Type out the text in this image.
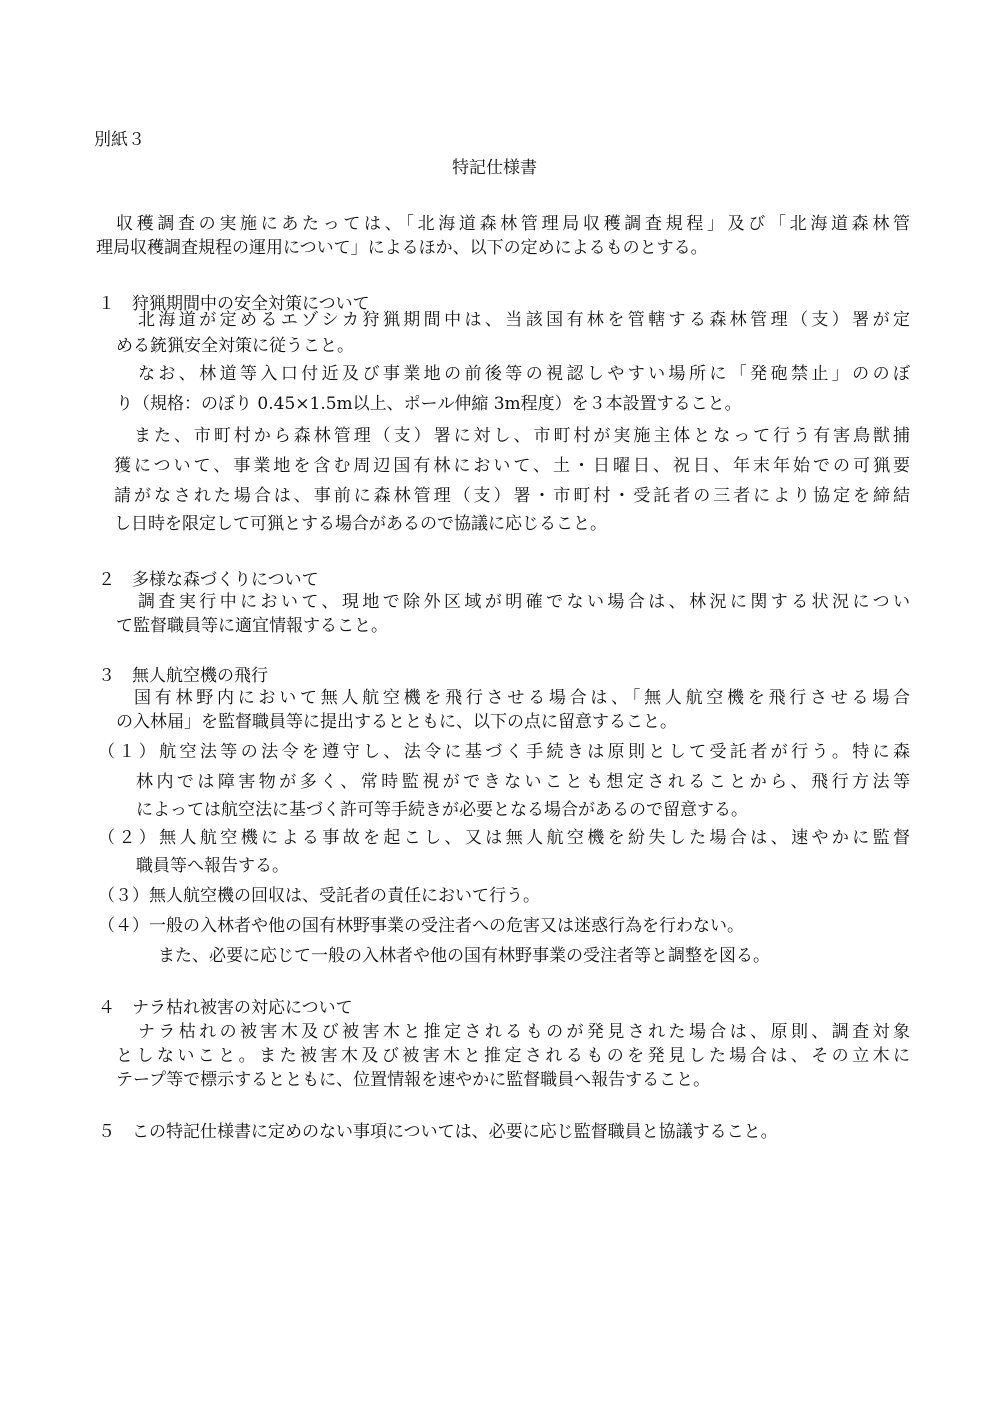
別紙３
特記仕様書
収穫調査の実施にあたっては、「北海道森林管理局収穫調査規程」及び「北海道森林管
理局収穫調査規程の運用について」によるほか、以下の定めによるものとする。
１　狩猟期間中の安全対策について
北海道が定めるエゾシカ狩猟期間中は、当該国有林を管轄する森林管理（支）署が定
める銃猟安全対策に従うこと。
なお、林道等入口付近及び事業地の前後等の視認しやすい場所に「発砲禁止」ののぼ
り（規格：のぼり 0.45×1.5m以上、ポール伸縮 3m程度）を３本設置すること。
また、市町村から森林管理（支）署に対し、市町村が実施主体となって行う有害鳥獣捕
獲について、事業地を含む周辺国有林において、土・日曜日、祝日、年末年始での可猟要
請がなされた場合は、事前に森林管理（支）署・市町村・受託者の三者により協定を締結
し日時を限定して可猟とする場合があるので協議に応じること。
２　多様な森づくりについて
調査実行中において、現地で除外区域が明確でない場合は、林況に関する状況につい
て監督職員等に適宜情報すること。
３　無人航空機の飛行
国有林野内において無人航空機を飛行させる場合は、「無人航空機を飛行させる場合
の入林届」を監督職員等に提出するとともに、以下の点に留意すること。
（１）航空法等の法令を遵守し、法令に基づく手続きは原則として受託者が行う。特に森
林内では障害物が多く、常時監視ができないことも想定されることから、飛行方法等
によっては航空法に基づく許可等手続きが必要となる場合があるので留意する。
（２）無人航空機による事故を起こし、又は無人航空機を紛失した場合は、速やかに監督
職員等へ報告する。
（３）無人航空機の回収は、受託者の責任において行う。
（４）一般の入林者や他の国有林野事業の受注者への危害又は迷惑行為を行わない。
また、必要に応じて一般の入林者や他の国有林野事業の受注者等と調整を図る。
４　ナラ枯れ被害の対応について
ナラ枯れの被害木及び被害木と推定されるものが発見された場合は、原則、調査対象
としないこと。また被害木及び被害木と推定されるものを発見した場合は、その立木に
テープ等で標示するとともに、位置情報を速やかに監督職員へ報告すること。
５　この特記仕様書に定めのない事項については、必要に応じ監督職員と協議すること。
